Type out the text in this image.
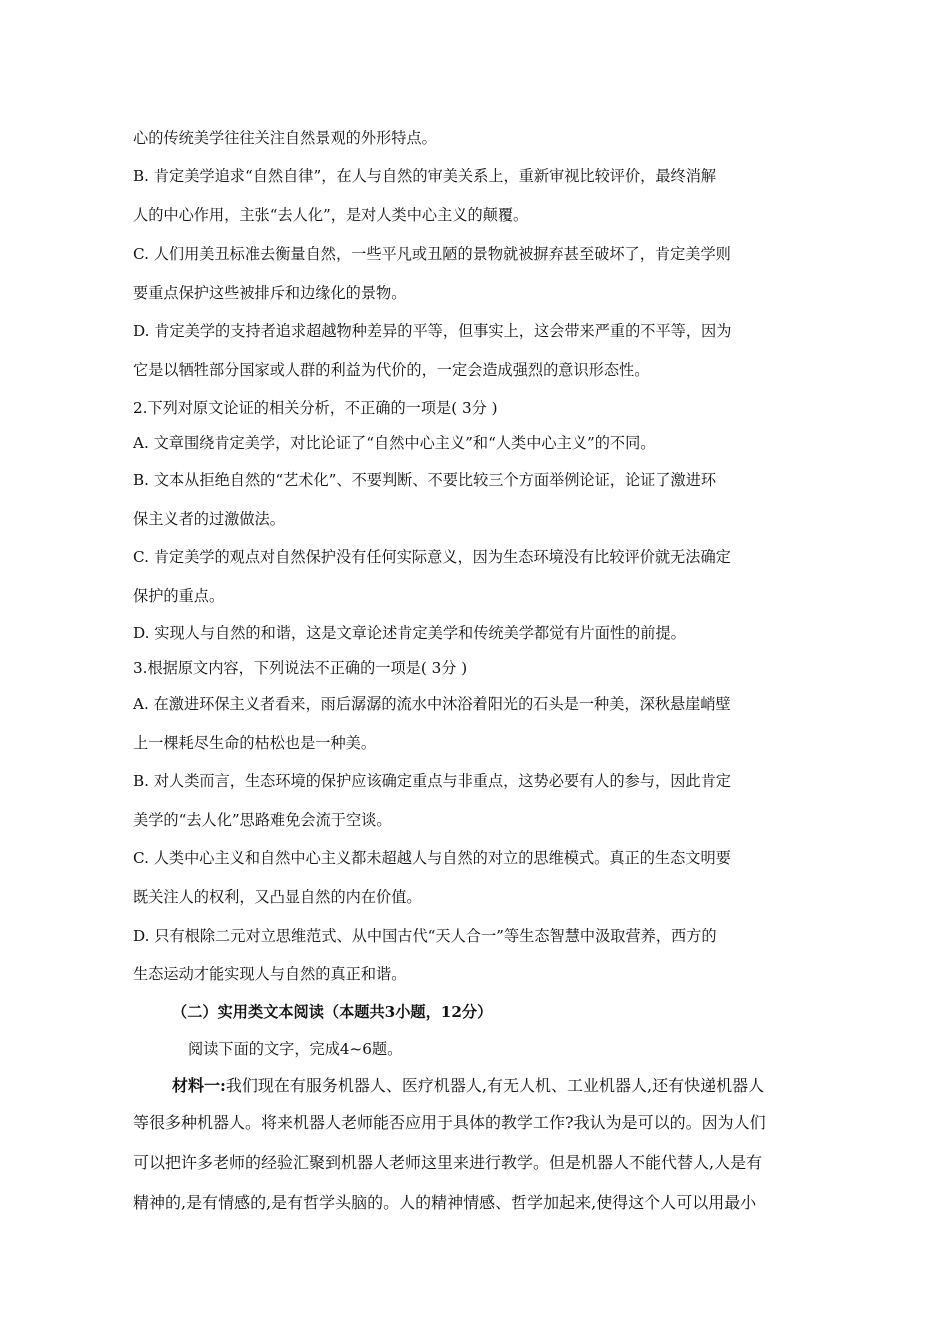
心的传统美学往往关注自然景观的外形特点。
B. 肯定美学追求“自然自律”，在人与自然的审美关系上，重新审视比较评价，最终消解
人的中心作用，主张“去人化”，是对人类中心主义的颠覆。
C. 人们用美丑标准去衡量自然，一些平凡或丑陋的景物就被摒弃甚至破坏了，肯定美学则
要重点保护这些被排斥和边缘化的景物。
D. 肯定美学的支持者追求超越物种差异的平等，但事实上，这会带来严重的不平等，因为
它是以牺牲部分国家或人群的利益为代价的，一定会造成强烈的意识形态性。
2.下列对原文论证的相关分析，不正确的一项是( 3分 )
A. 文章围绕肯定美学，对比论证了“自然中心主义”和“人类中心主义”的不同。
B. 文本从拒绝自然的“艺术化”、不要判断、不要比较三个方面举例论证，论证了激进环
保主义者的过激做法。
C. 肯定美学的观点对自然保护没有任何实际意义，因为生态环境没有比较评价就无法确定
保护的重点。
D. 实现人与自然的和谐，这是文章论述肯定美学和传统美学都觉有片面性的前提。
3.根据原文内容，下列说法不正确的一项是( 3分 )
A. 在激进环保主义者看来，雨后潺潺的流水中沐浴着阳光的石头是一种美，深秋悬崖峭壁
上一棵耗尽生命的枯松也是一种美。
B. 对人类而言，生态环境的保护应该确定重点与非重点，这势必要有人的参与，因此肯定
美学的“去人化”思路难免会流于空谈。
C. 人类中心主义和自然中心主义都未超越人与自然的对立的思维模式。真正的生态文明要
既关注人的权利，又凸显自然的内在价值。
D. 只有根除二元对立思维范式、从中国古代“天人合一”等生态智慧中汲取营养，西方的
生态运动才能实现人与自然的真正和谐。
（二）实用类文本阅读（本题共3小题，12分）
阅读下面的文字，完成4~6题。
材料一:我们现在有服务机器人、医疗机器人,有无人机、工业机器人,还有快递机器人
等很多种机器人。将来机器人老师能否应用于具体的教学工作?我认为是可以的。因为人们
可以把许多老师的经验汇聚到机器人老师这里来进行教学。但是机器人不能代替人,人是有
精神的,是有情感的,是有哲学头脑的。人的精神情感、哲学加起来,使得这个人可以用最小
